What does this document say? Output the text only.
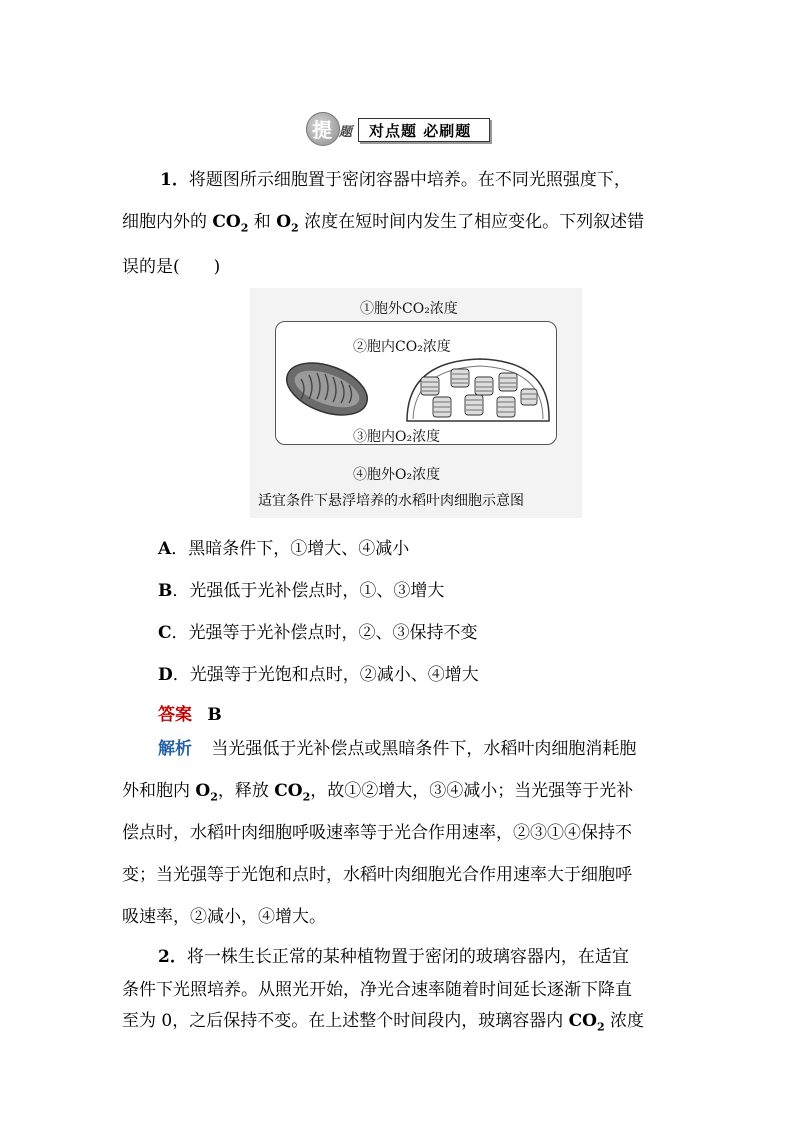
提 题 对点题 必刷题
1．将题图所示细胞置于密闭容器中培养。在不同光照强度下，
细胞内外的 $CO_2$ 和 $O_2$ 浓度在短时间内发生了相应变化。下列叙述错
误的是(　　)
①胞外CO₂浓度
②胞内CO₂浓度
③胞内O₂浓度
④胞外O₂浓度
适宜条件下悬浮培养的水稻叶肉细胞示意图
A．黑暗条件下，①增大、④减小
B．光强低于光补偿点时，①、③增大
C．光强等于光补偿点时，②、③保持不变
D．光强等于光饱和点时，②减小、④增大
答案 B
解析 当光强低于光补偿点或黑暗条件下，水稻叶肉细胞消耗胞
外和胞内 $O_2$，释放 $CO_2$，故①②增大，③④减小；当光强等于光补
偿点时，水稻叶肉细胞呼吸速率等于光合作用速率，②③①④保持不
变；当光强等于光饱和点时，水稻叶肉细胞光合作用速率大于细胞呼
吸速率，②减小，④增大。
2．将一株生长正常的某种植物置于密闭的玻璃容器内，在适宜
条件下光照培养。从照光开始，净光合速率随着时间延长逐渐下降直
至为 0，之后保持不变。在上述整个时间段内，玻璃容器内 $CO_2$ 浓度
